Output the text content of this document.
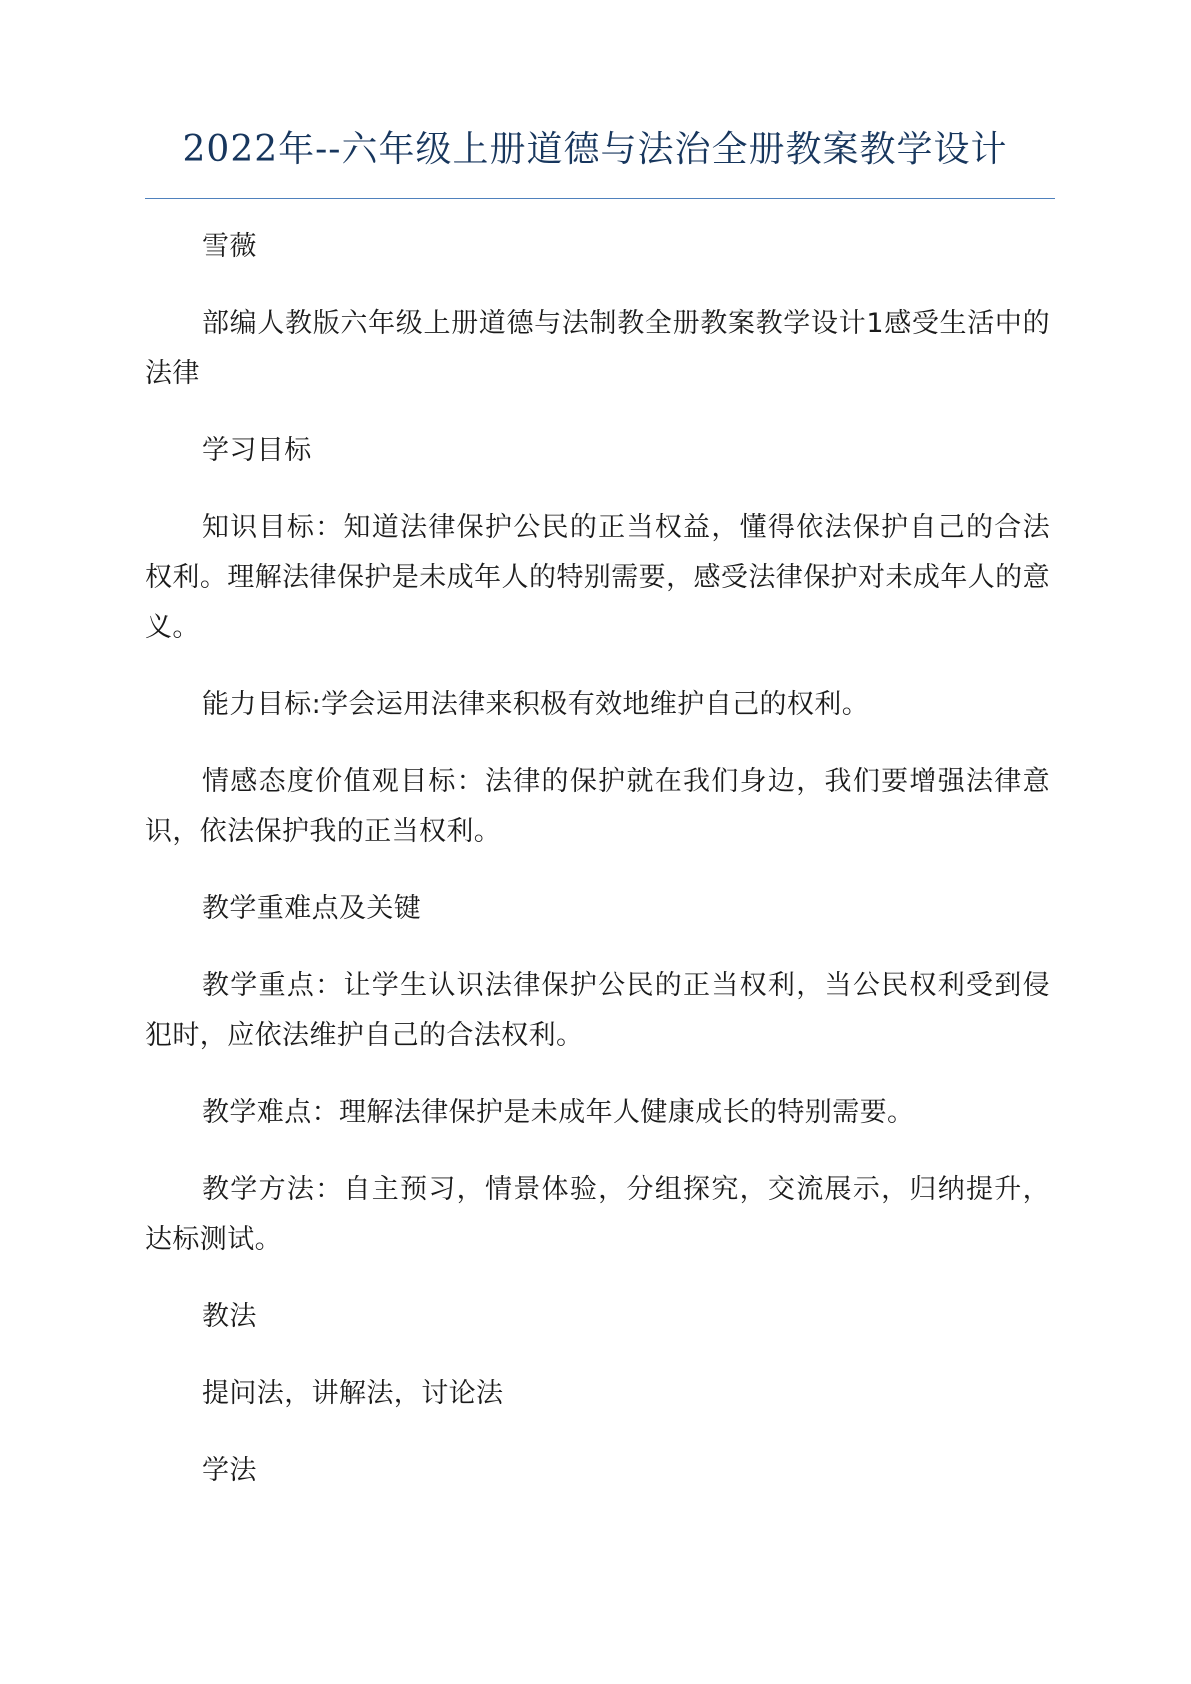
2022年--六年级上册道德与法治全册教案教学设计

雪薇

部编人教版六年级上册道德与法制教全册教案教学设计1感受生活中的法律

学习目标

知识目标：知道法律保护公民的正当权益，懂得依法保护自己的合法权利。理解法律保护是未成年人的特别需要，感受法律保护对未成年人的意义。

能力目标:学会运用法律来积极有效地维护自己的权利。

情感态度价值观目标：法律的保护就在我们身边，我们要增强法律意识，依法保护我的正当权利。

教学重难点及关键

教学重点：让学生认识法律保护公民的正当权利，当公民权利受到侵犯时，应依法维护自己的合法权利。

教学难点：理解法律保护是未成年人健康成长的特别需要。

教学方法：自主预习，情景体验，分组探究，交流展示，归纳提升，达标测试。

教法

提问法，讲解法，讨论法

学法
